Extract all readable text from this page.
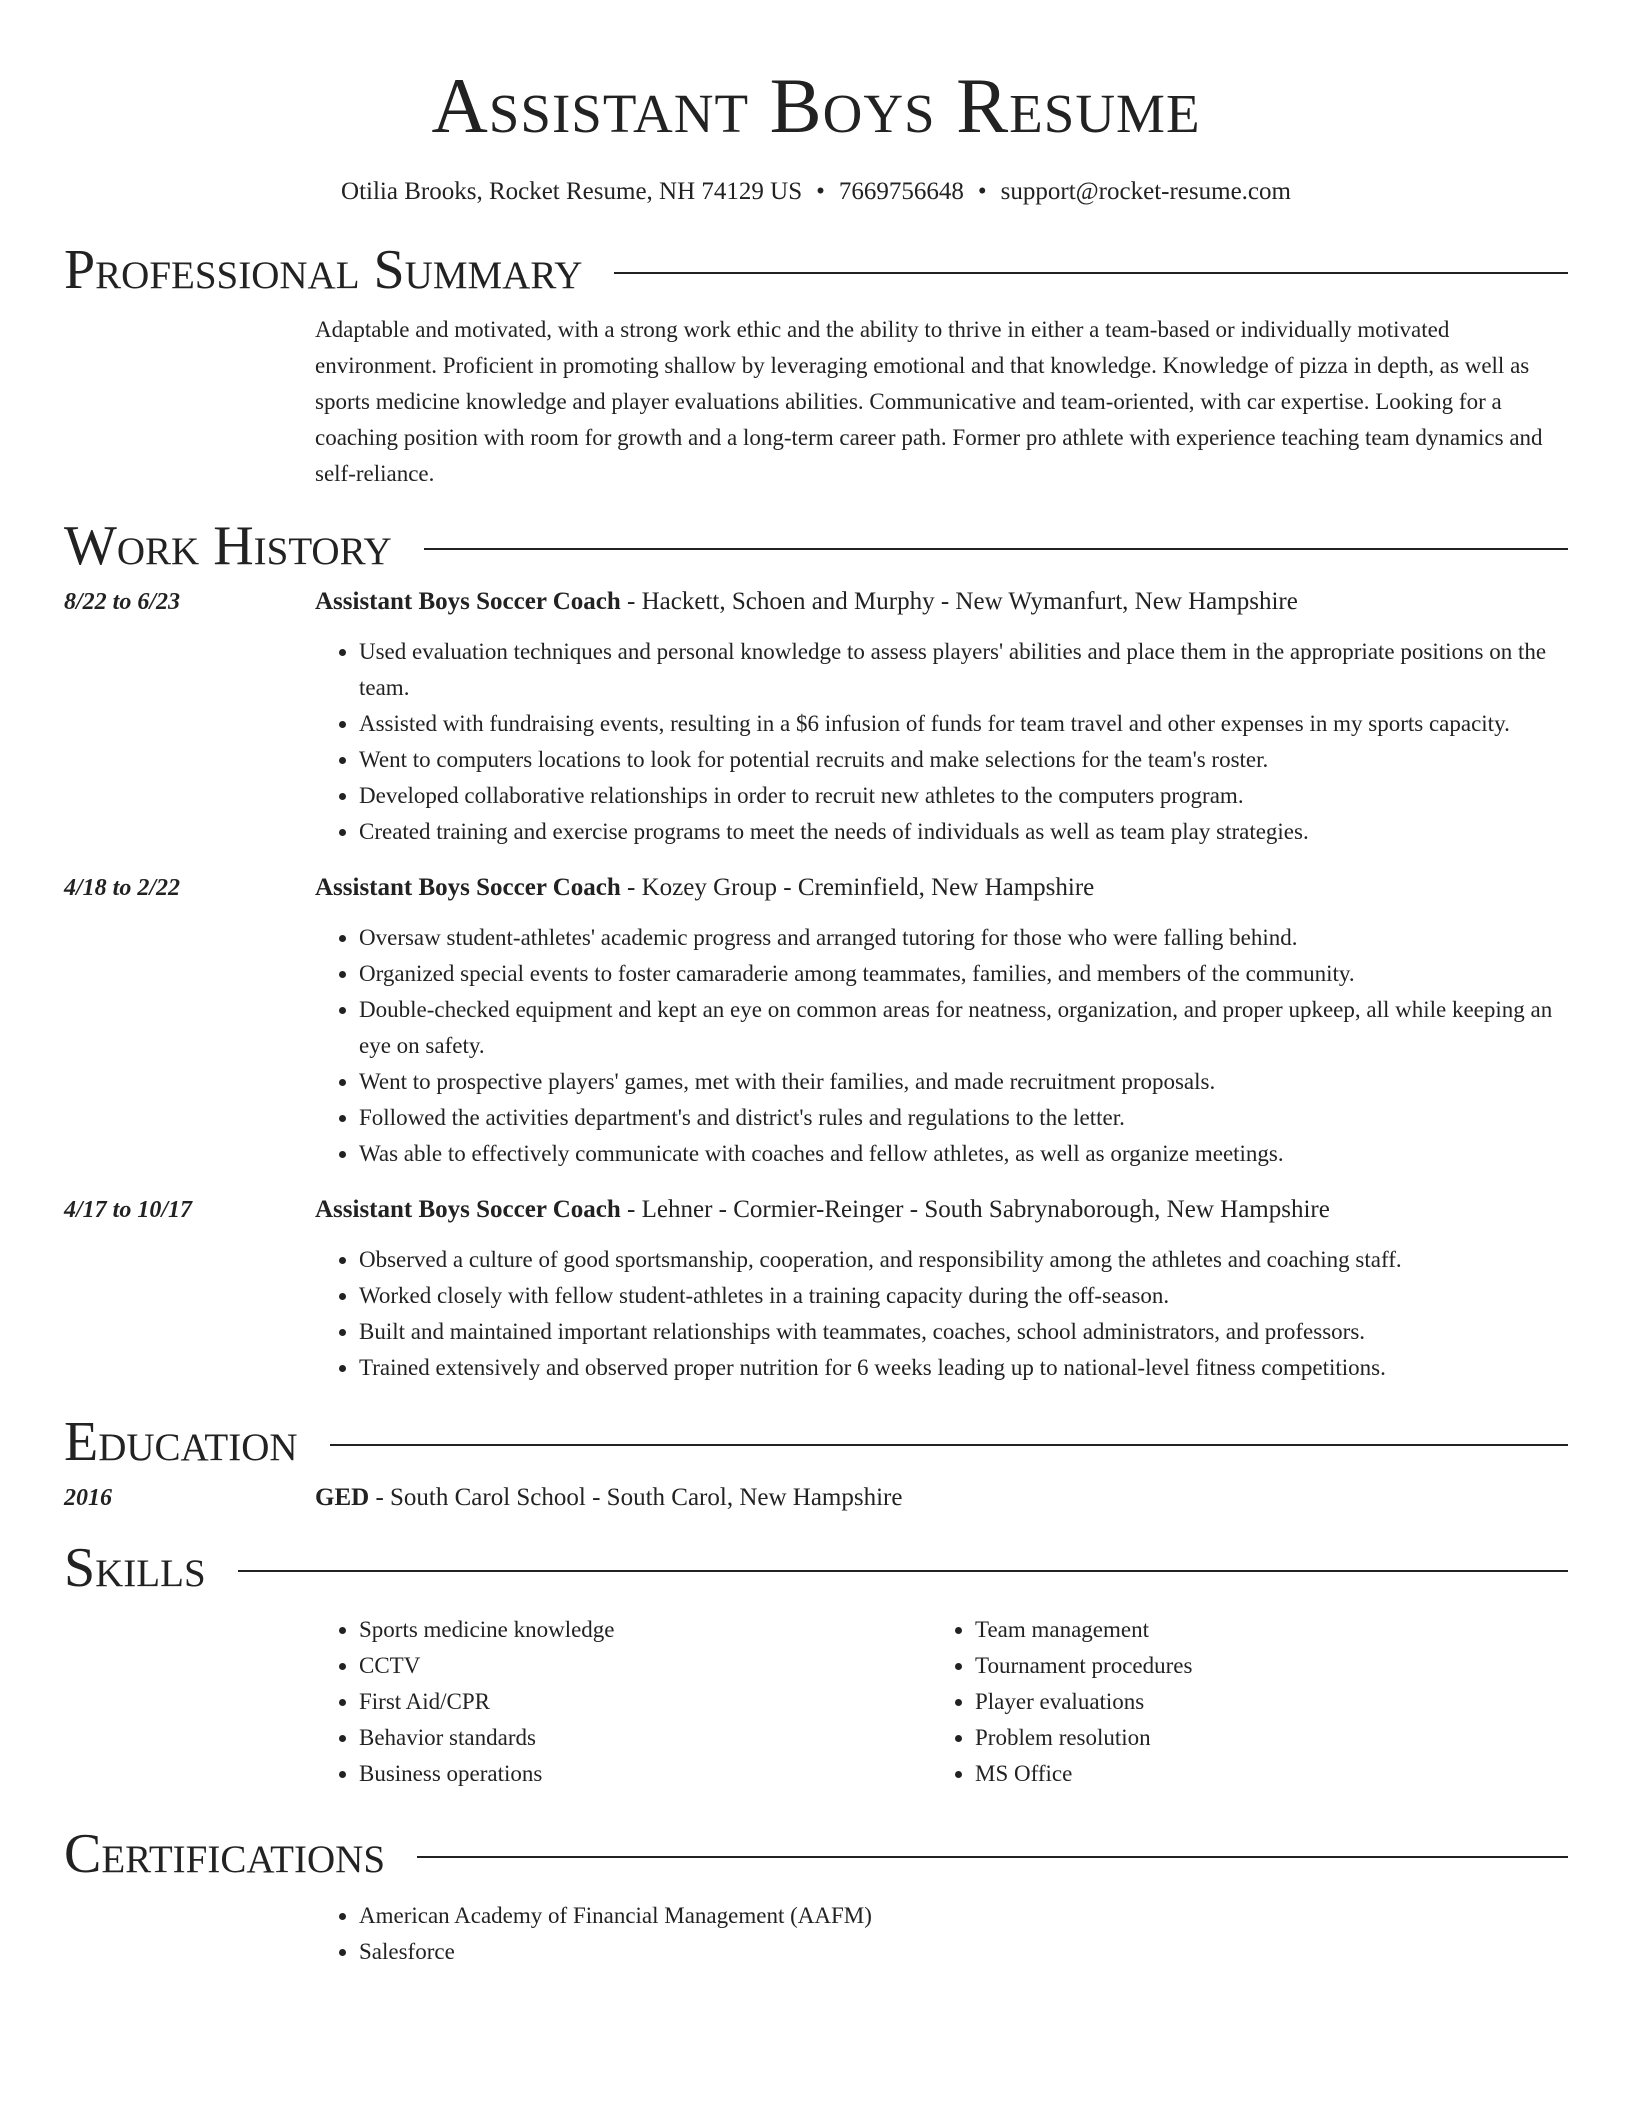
Assistant Boys Resume
Otilia Brooks, Rocket Resume, NH 74129 US • 7669756648 • support@rocket-resume.com
Professional Summary
Adaptable and motivated, with a strong work ethic and the ability to thrive in either a team-based or individually motivated environment. Proficient in promoting shallow by leveraging emotional and that knowledge. Knowledge of pizza in depth, as well as sports medicine knowledge and player evaluations abilities. Communicative and team-oriented, with car expertise. Looking for a coaching position with room for growth and a long-term career path. Former pro athlete with experience teaching team dynamics and self-reliance.
Work History
8/22 to 6/23	Assistant Boys Soccer Coach - Hackett, Schoen and Murphy - New Wymanfurt, New Hampshire
• Used evaluation techniques and personal knowledge to assess players' abilities and place them in the appropriate positions on the team.
• Assisted with fundraising events, resulting in a $6 infusion of funds for team travel and other expenses in my sports capacity.
• Went to computers locations to look for potential recruits and make selections for the team's roster.
• Developed collaborative relationships in order to recruit new athletes to the computers program.
• Created training and exercise programs to meet the needs of individuals as well as team play strategies.
4/18 to 2/22	Assistant Boys Soccer Coach - Kozey Group - Creminfield, New Hampshire
• Oversaw student-athletes' academic progress and arranged tutoring for those who were falling behind.
• Organized special events to foster camaraderie among teammates, families, and members of the community.
• Double-checked equipment and kept an eye on common areas for neatness, organization, and proper upkeep, all while keeping an eye on safety.
• Went to prospective players' games, met with their families, and made recruitment proposals.
• Followed the activities department's and district's rules and regulations to the letter.
• Was able to effectively communicate with coaches and fellow athletes, as well as organize meetings.
4/17 to 10/17	Assistant Boys Soccer Coach - Lehner - Cormier-Reinger - South Sabrynaborough, New Hampshire
• Observed a culture of good sportsmanship, cooperation, and responsibility among the athletes and coaching staff.
• Worked closely with fellow student-athletes in a training capacity during the off-season.
• Built and maintained important relationships with teammates, coaches, school administrators, and professors.
• Trained extensively and observed proper nutrition for 6 weeks leading up to national-level fitness competitions.
Education
2016	GED - South Carol School - South Carol, New Hampshire
Skills
• Sports medicine knowledge
• CCTV
• First Aid/CPR
• Behavior standards
• Business operations
• Team management
• Tournament procedures
• Player evaluations
• Problem resolution
• MS Office
Certifications
• American Academy of Financial Management (AAFM)
• Salesforce
